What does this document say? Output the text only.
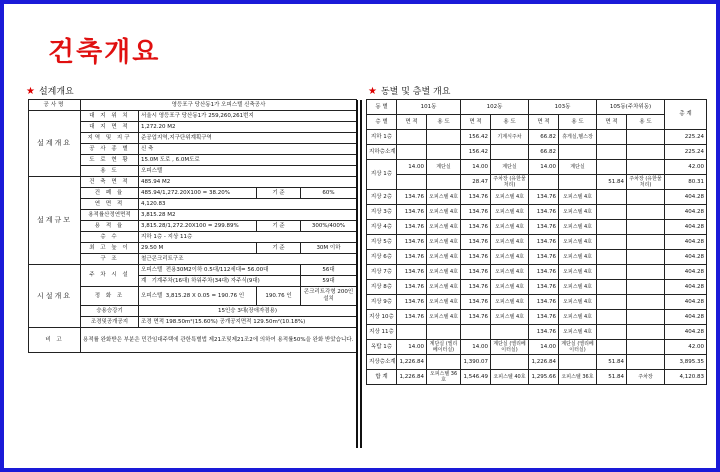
건축개요
★ 설계개요	★ 동별 및 층별 개요
공사명	영등포구 당산동1가 오피스텔 신축공사			
설계개요	대 지 위 치	서울시 영등포구 당산동1가 259,260,261번지		
	대 지 면 적	1,272.20 M2		
	지역 및 지구	준공업지역,지구단위계획구역		
	공 사 종 별	신 축		
	도 로 현 황	15.0M 도로 , 6.0M도로		
	용 도	오피스텔		
설계규모	건 축 면 적	485.94 M2		
	건 폐 율	485.94/1,272.20X100 = 38.20%	기 준	60%
	연 면 적	4,120.83		
	용적률산정연면적	3,815.28 M2		
	용 적 율	3,815.28/1,272.20X100 = 299.89%	기 준	300%/400%
	층 수	지하 1층 - 지상 11층		
	최 고 높 이	29.50 M	기 준	30M 이하
	구 조	철근콘크리트구조		
시설개요	주 차 시 설	오피스텔 전용30M2이하 0.5대/112세대= 56.00대		56대
		계 기계주차(16대) 하워주차(34대) 자주식(9대)		59대
	정 화 조	오피스텔 3,815.28 X 0.05 = 190.76 인	190.76 인	콘크리트각형 200인 설치
	승용승강기	15인승 3대(장애자겸용)		
	조경및공개공지	조경 면적 198.50m²(15.60%) 공개공지면적 129.50m²(10.18%)		
비 고	용적률 완화받은 부분은 민간임대주택에 관한특별법 제21조및제21조2에 의하여 용적률50%을 완화 받았습니다.			
동 별	101동		102동		103동		105동(주차위동)		총 계
층 별	면 적	용 도	면 적	용 도	면 적	용 도	면 적	용 도	
지하 1층			156.42	기계식주차	66.82	휴게실,헬스장			225.24
지하층소계			156.42		66.82				225.24
지상 1층	14.00	계단실	14.00	계단실	14.00	계단실			42.00
			28.47	주차장 (유한물처리)			51.84	주차장 (유한물처리)	80.31
지상 2층	134.76	오피스텔 4호	134.76	오피스텔 4호	134.76	오피스텔 4호			404.28
지상 3층	134.76	오피스텔 4호	134.76	오피스텔 4호	134.76	오피스텔 4호			404.28
지상 4층	134.76	오피스텔 4호	134.76	오피스텔 4호	134.76	오피스텔 4호			404.28
지상 5층	134.76	오피스텔 4호	134.76	오피스텔 4호	134.76	오피스텔 4호			404.28
지상 6층	134.76	오피스텔 4호	134.76	오피스텔 4호	134.76	오피스텔 4호			404.28
지상 7층	134.76	오피스텔 4호	134.76	오피스텔 4호	134.76	오피스텔 4호			404.28
지상 8층	134.76	오피스텔 4호	134.76	오피스텔 4호	134.76	오피스텔 4호			404.28
지상 9층	134.76	오피스텔 4호	134.76	오피스텔 4호	134.76	오피스텔 4호			404.28
지상 10층	134.76	오피스텔 4호	134.76	오피스텔 4호	134.76	오피스텔 4호			404.28
지상 11층					134.76	오피스텔 4호			404.28
옥탑 1층	14.00	계단실 (엘리베이터실)	14.00	계단실 (엘리베이터실)	14.00	계단실 (엘리베이터실)			42.00
지상층소계	1,226.84		1,390.07		1,226.84		51.84		3,895.35
합 계	1,226.84	오피스텔 36호	1,546.49	오피스텔 40호	1,295.66	오피스텔 36호	51.84	주차장	4,120.83
